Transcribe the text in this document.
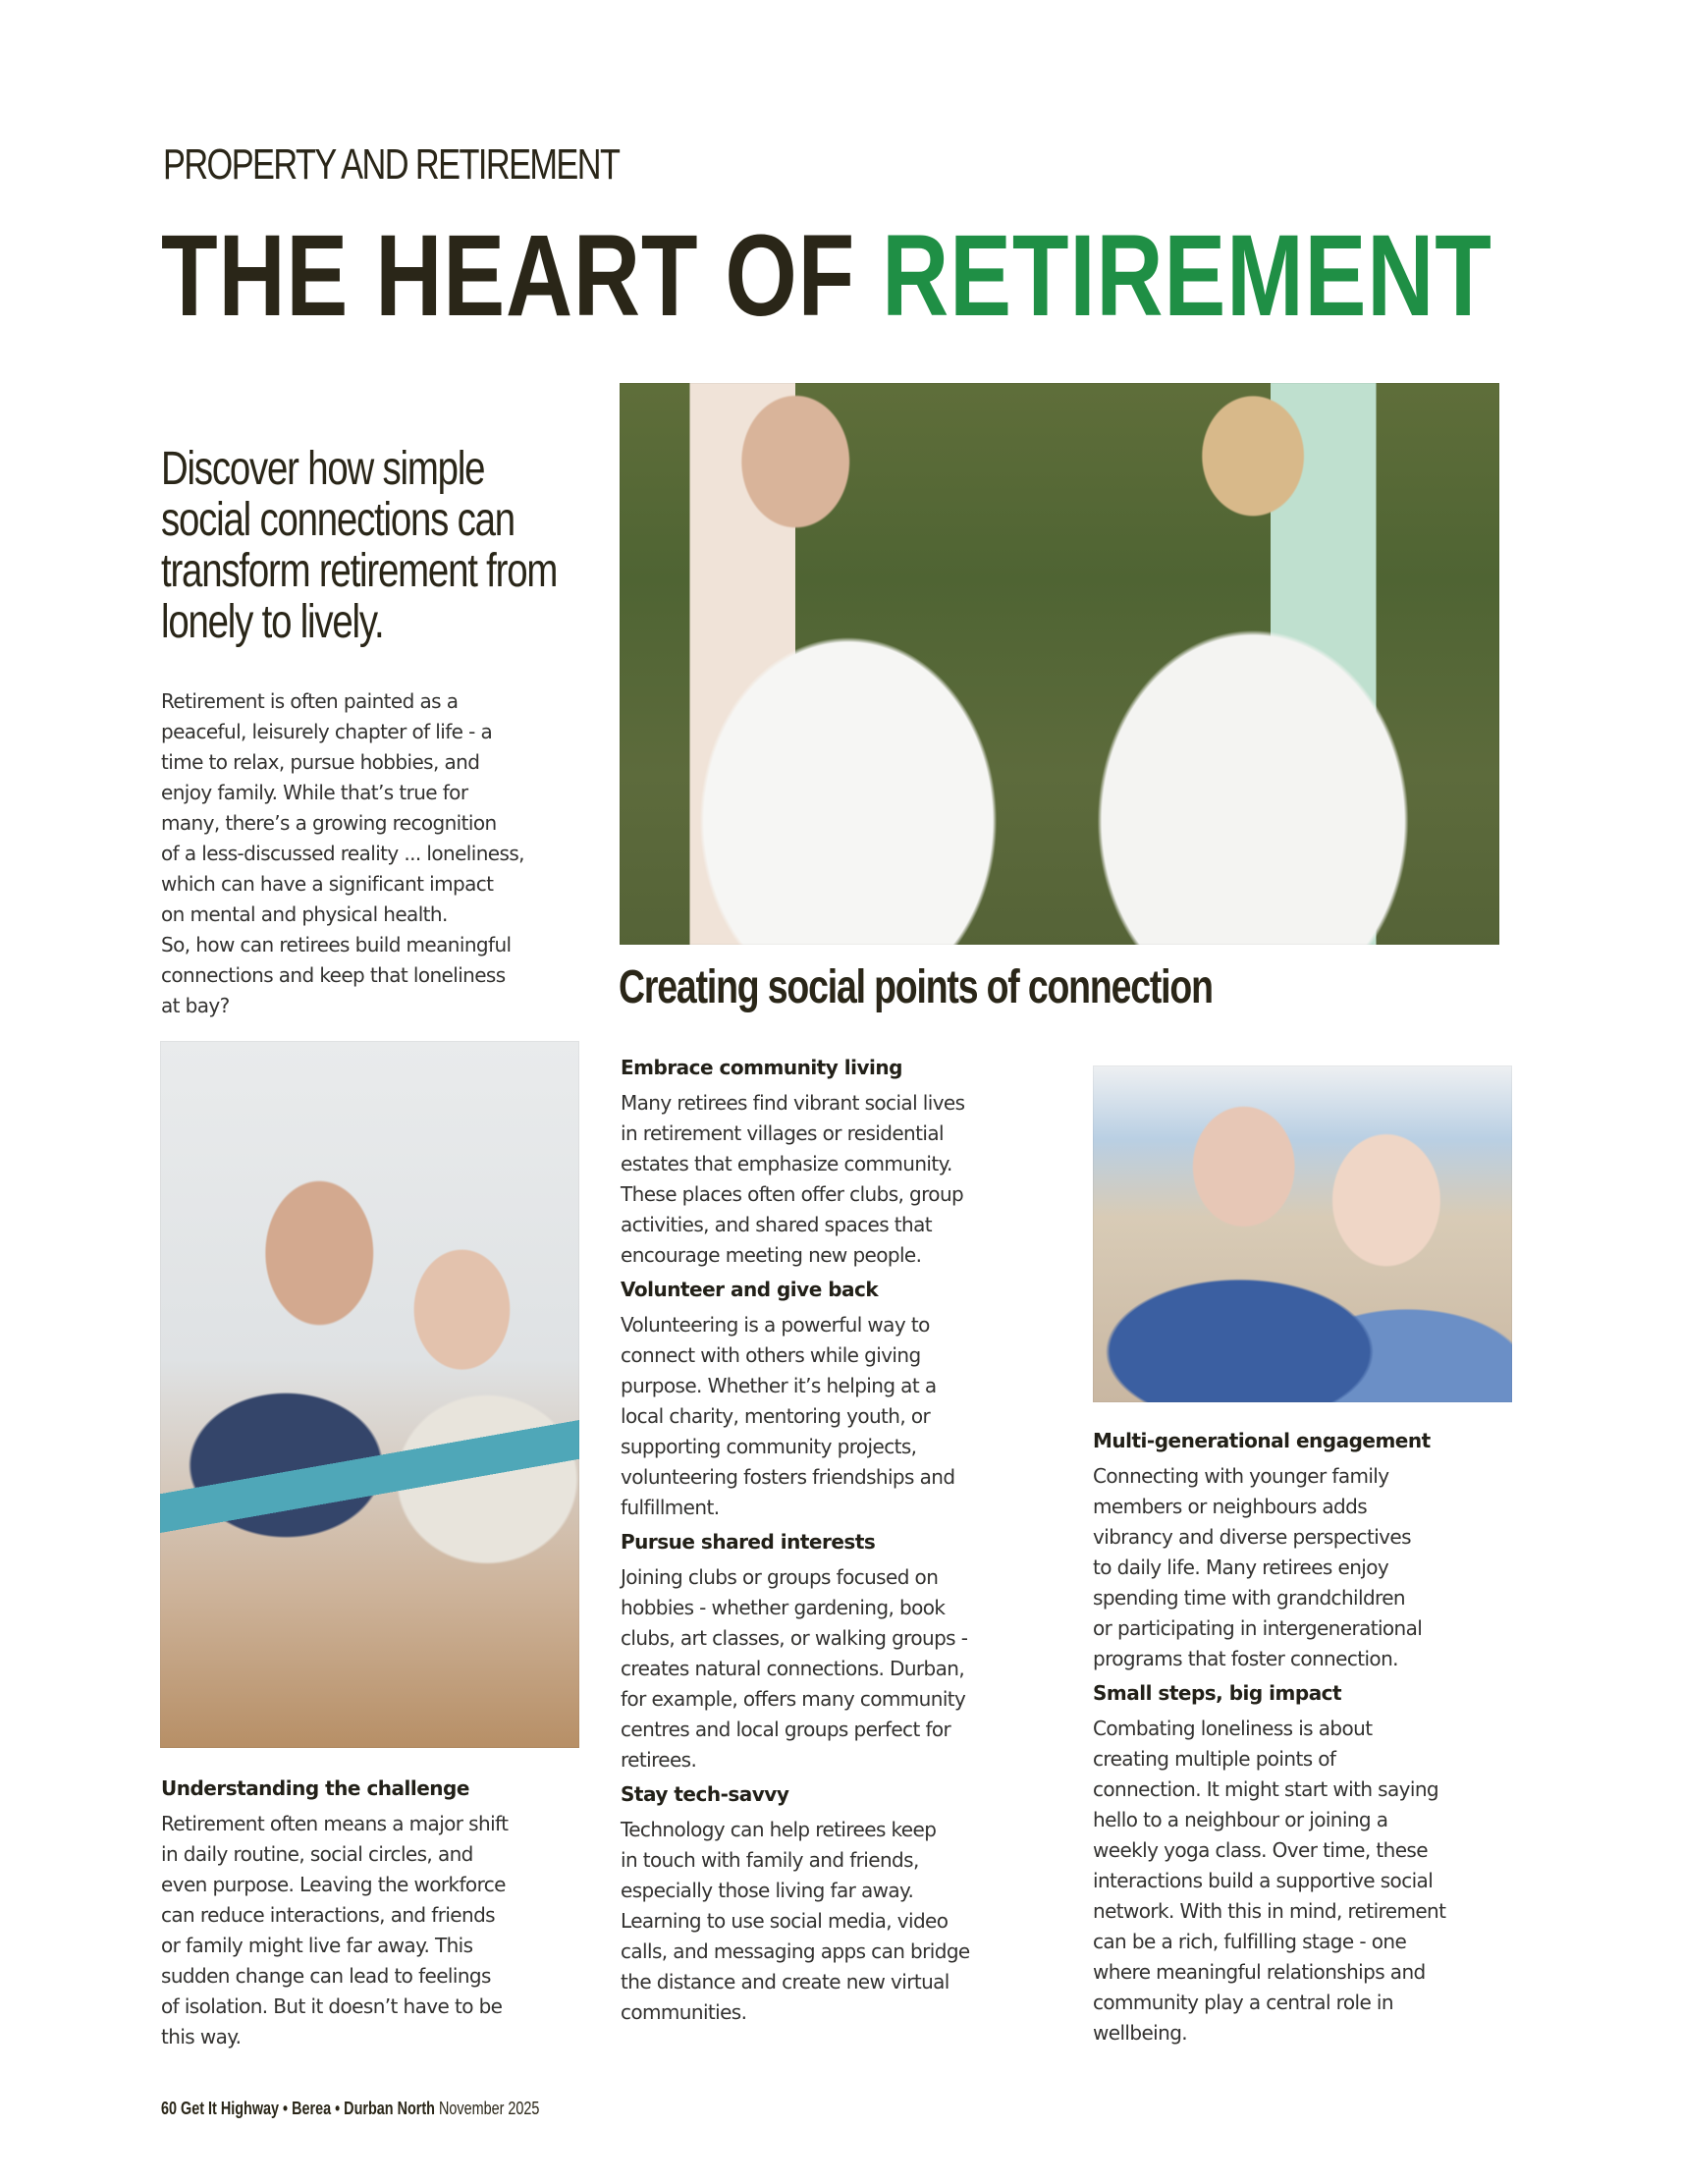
PROPERTY AND RETIREMENT
THE HEART OF RETIREMENT
Discover how simple
social connections can
transform retirement from
lonely to lively.
Retirement is often painted as a
peaceful, leisurely chapter of life - a
time to relax, pursue hobbies, and
enjoy family. While that’s true for
many, there’s a growing recognition
of a less-discussed reality ... loneliness,
which can have a significant impact
on mental and physical health.
So, how can retirees build meaningful
connections and keep that loneliness
at bay?	Creating social points of connection
Understanding the challenge
Retirement often means a major shift
in daily routine, social circles, and
even purpose. Leaving the workforce
can reduce interactions, and friends
or family might live far away. This
sudden change can lead to feelings
of isolation. But it doesn’t have to be
this way.
Embrace community living
Many retirees find vibrant social lives
in retirement villages or residential
estates that emphasize community.
These places often offer clubs, group
activities, and shared spaces that
encourage meeting new people.
Volunteer and give back
Volunteering is a powerful way to
connect with others while giving
purpose. Whether it’s helping at a
local charity, mentoring youth, or
supporting community projects,
volunteering fosters friendships and
fulfillment.
Pursue shared interests
Joining clubs or groups focused on
hobbies - whether gardening, book
clubs, art classes, or walking groups -
creates natural connections. Durban,
for example, offers many community
centres and local groups perfect for
retirees.
Stay tech-savvy
Technology can help retirees keep
in touch with family and friends,
especially those living far away.
Learning to use social media, video
calls, and messaging apps can bridge
the distance and create new virtual
communities.
Multi-generational engagement
Connecting with younger family
members or neighbours adds
vibrancy and diverse perspectives
to daily life. Many retirees enjoy
spending time with grandchildren
or participating in intergenerational
programs that foster connection.
Small steps, big impact
Combating loneliness is about
creating multiple points of
connection. It might start with saying
hello to a neighbour or joining a
weekly yoga class. Over time, these
interactions build a supportive social
network. With this in mind, retirement
can be a rich, fulfilling stage - one
where meaningful relationships and
community play a central role in
wellbeing.
60 Get It Highway • Berea • Durban North November 2025
